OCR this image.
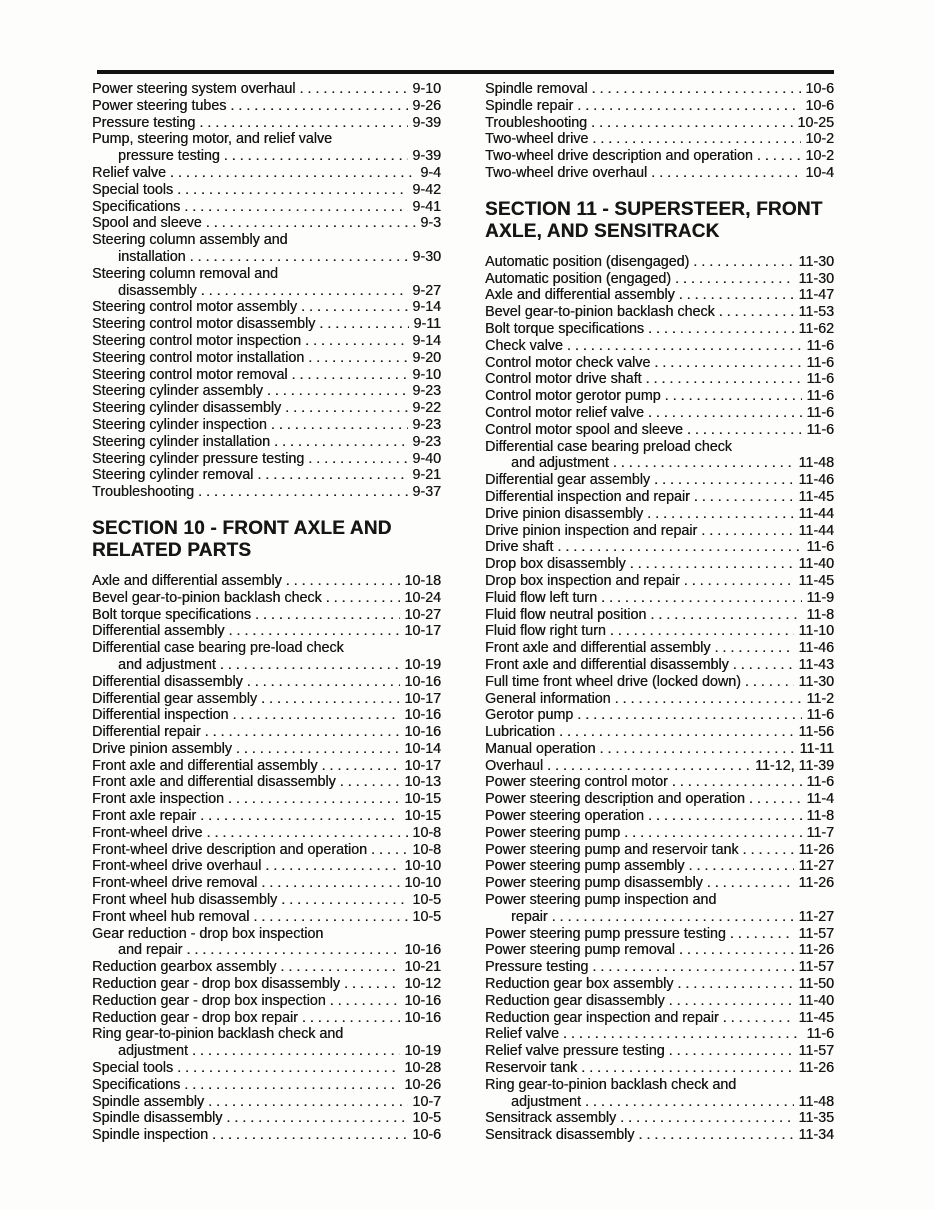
Power steering system overhaul . . .	9-10
Power steering tubes . . .	9-26
Pressure testing . . .	9-39
Pump, steering motor, and relief valve
pressure testing . . .	9-39
Relief valve . . .	9-4
Special tools . . .	9-42
Specifications . . .	9-41
Spool and sleeve . . .	9-3
Steering column assembly and
installation . . .	9-30
Steering column removal and
disassembly . . .	9-27
Steering control motor assembly . . .	9-14
Steering control motor disassembly . . .	9-11
Steering control motor inspection . . .	9-14
Steering control motor installation . . .	9-20
Steering control motor removal . . .	9-10
Steering cylinder assembly . . .	9-23
Steering cylinder disassembly . . .	9-22
Steering cylinder inspection . . .	9-23
Steering cylinder installation . . .	9-23
Steering cylinder pressure testing . . .	9-40
Steering cylinder removal . . .	9-21
Troubleshooting . . .	9-37
SECTION 10 - FRONT AXLE AND
RELATED PARTS
Axle and differential assembly . . .	10-18
Bevel gear-to-pinion backlash check . . .	10-24
Bolt torque specifications . . .	10-27
Differential assembly . . .	10-17
Differential case bearing pre-load check
and adjustment . . .	10-19
Differential disassembly . . .	10-16
Differential gear assembly . . .	10-17
Differential inspection . . .	10-16
Differential repair . . .	10-16
Drive pinion assembly . . .	10-14
Front axle and differential assembly . . .	10-17
Front axle and differential disassembly . . .	10-13
Front axle inspection . . .	10-15
Front axle repair . . .	10-15
Front-wheel drive . . .	10-8
Front-wheel drive description and operation . . .	10-8
Front-wheel drive overhaul . . .	10-10
Front-wheel drive removal . . .	10-10
Front wheel hub disassembly . . .	10-5
Front wheel hub removal . . .	10-5
Gear reduction - drop box inspection
and repair . . .	10-16
Reduction gearbox assembly . . .	10-21
Reduction gear - drop box disassembly . . .	10-12
Reduction gear - drop box inspection . . .	10-16
Reduction gear - drop box repair . . .	10-16
Ring gear-to-pinion backlash check and
adjustment . . .	10-19
Special tools . . .	10-28
Specifications . . .	10-26
Spindle assembly . . .	10-7
Spindle disassembly . . .	10-5
Spindle inspection . . .	10-6
Spindle removal . . .	10-6
Spindle repair . . .	10-6
Troubleshooting . . .	10-25
Two-wheel drive . . .	10-2
Two-wheel drive description and operation . . .	10-2
Two-wheel drive overhaul . . .	10-4
SECTION 11 - SUPERSTEER, FRONT
AXLE, AND SENSITRACK
Automatic position (disengaged) . . .	11-30
Automatic position (engaged) . . .	11-30
Axle and differential assembly . . .	11-47
Bevel gear-to-pinion backlash check . . .	11-53
Bolt torque specifications . . .	11-62
Check valve . . .	11-6
Control motor check valve . . .	11-6
Control motor drive shaft . . .	11-6
Control motor gerotor pump . . .	11-6
Control motor relief valve . . .	11-6
Control motor spool and sleeve . . .	11-6
Differential case bearing preload check
and adjustment . . .	11-48
Differential gear assembly . . .	11-46
Differential inspection and repair . . .	11-45
Drive pinion disassembly . . .	11-44
Drive pinion inspection and repair . . .	11-44
Drive shaft . . .	11-6
Drop box disassembly . . .	11-40
Drop box inspection and repair . . .	11-45
Fluid flow left turn . . .	11-9
Fluid flow neutral position . . .	11-8
Fluid flow right turn . . .	11-10
Front axle and differential assembly . . .	11-46
Front axle and differential disassembly . . .	11-43
Full time front wheel drive (locked down) . . .	11-30
General information . . .	11-2
Gerotor pump . . .	11-6
Lubrication . . .	11-56
Manual operation . . .	11-11
Overhaul . . .	11-12, 11-39
Power steering control motor . . .	11-6
Power steering description and operation . . .	11-4
Power steering operation . . .	11-8
Power steering pump . . .	11-7
Power steering pump and reservoir tank . . .	11-26
Power steering pump assembly . . .	11-27
Power steering pump disassembly . . .	11-26
Power steering pump inspection and
repair . . .	11-27
Power steering pump pressure testing . . .	11-57
Power steering pump removal . . .	11-26
Pressure testing . . .	11-57
Reduction gear box assembly . . .	11-50
Reduction gear disassembly . . .	11-40
Reduction gear inspection and repair . . .	11-45
Relief valve . . .	11-6
Relief valve pressure testing . . .	11-57
Reservoir tank . . .	11-26
Ring gear-to-pinion backlash check and
adjustment . . .	11-48
Sensitrack assembly . . .	11-35
Sensitrack disassembly . . .	11-34
